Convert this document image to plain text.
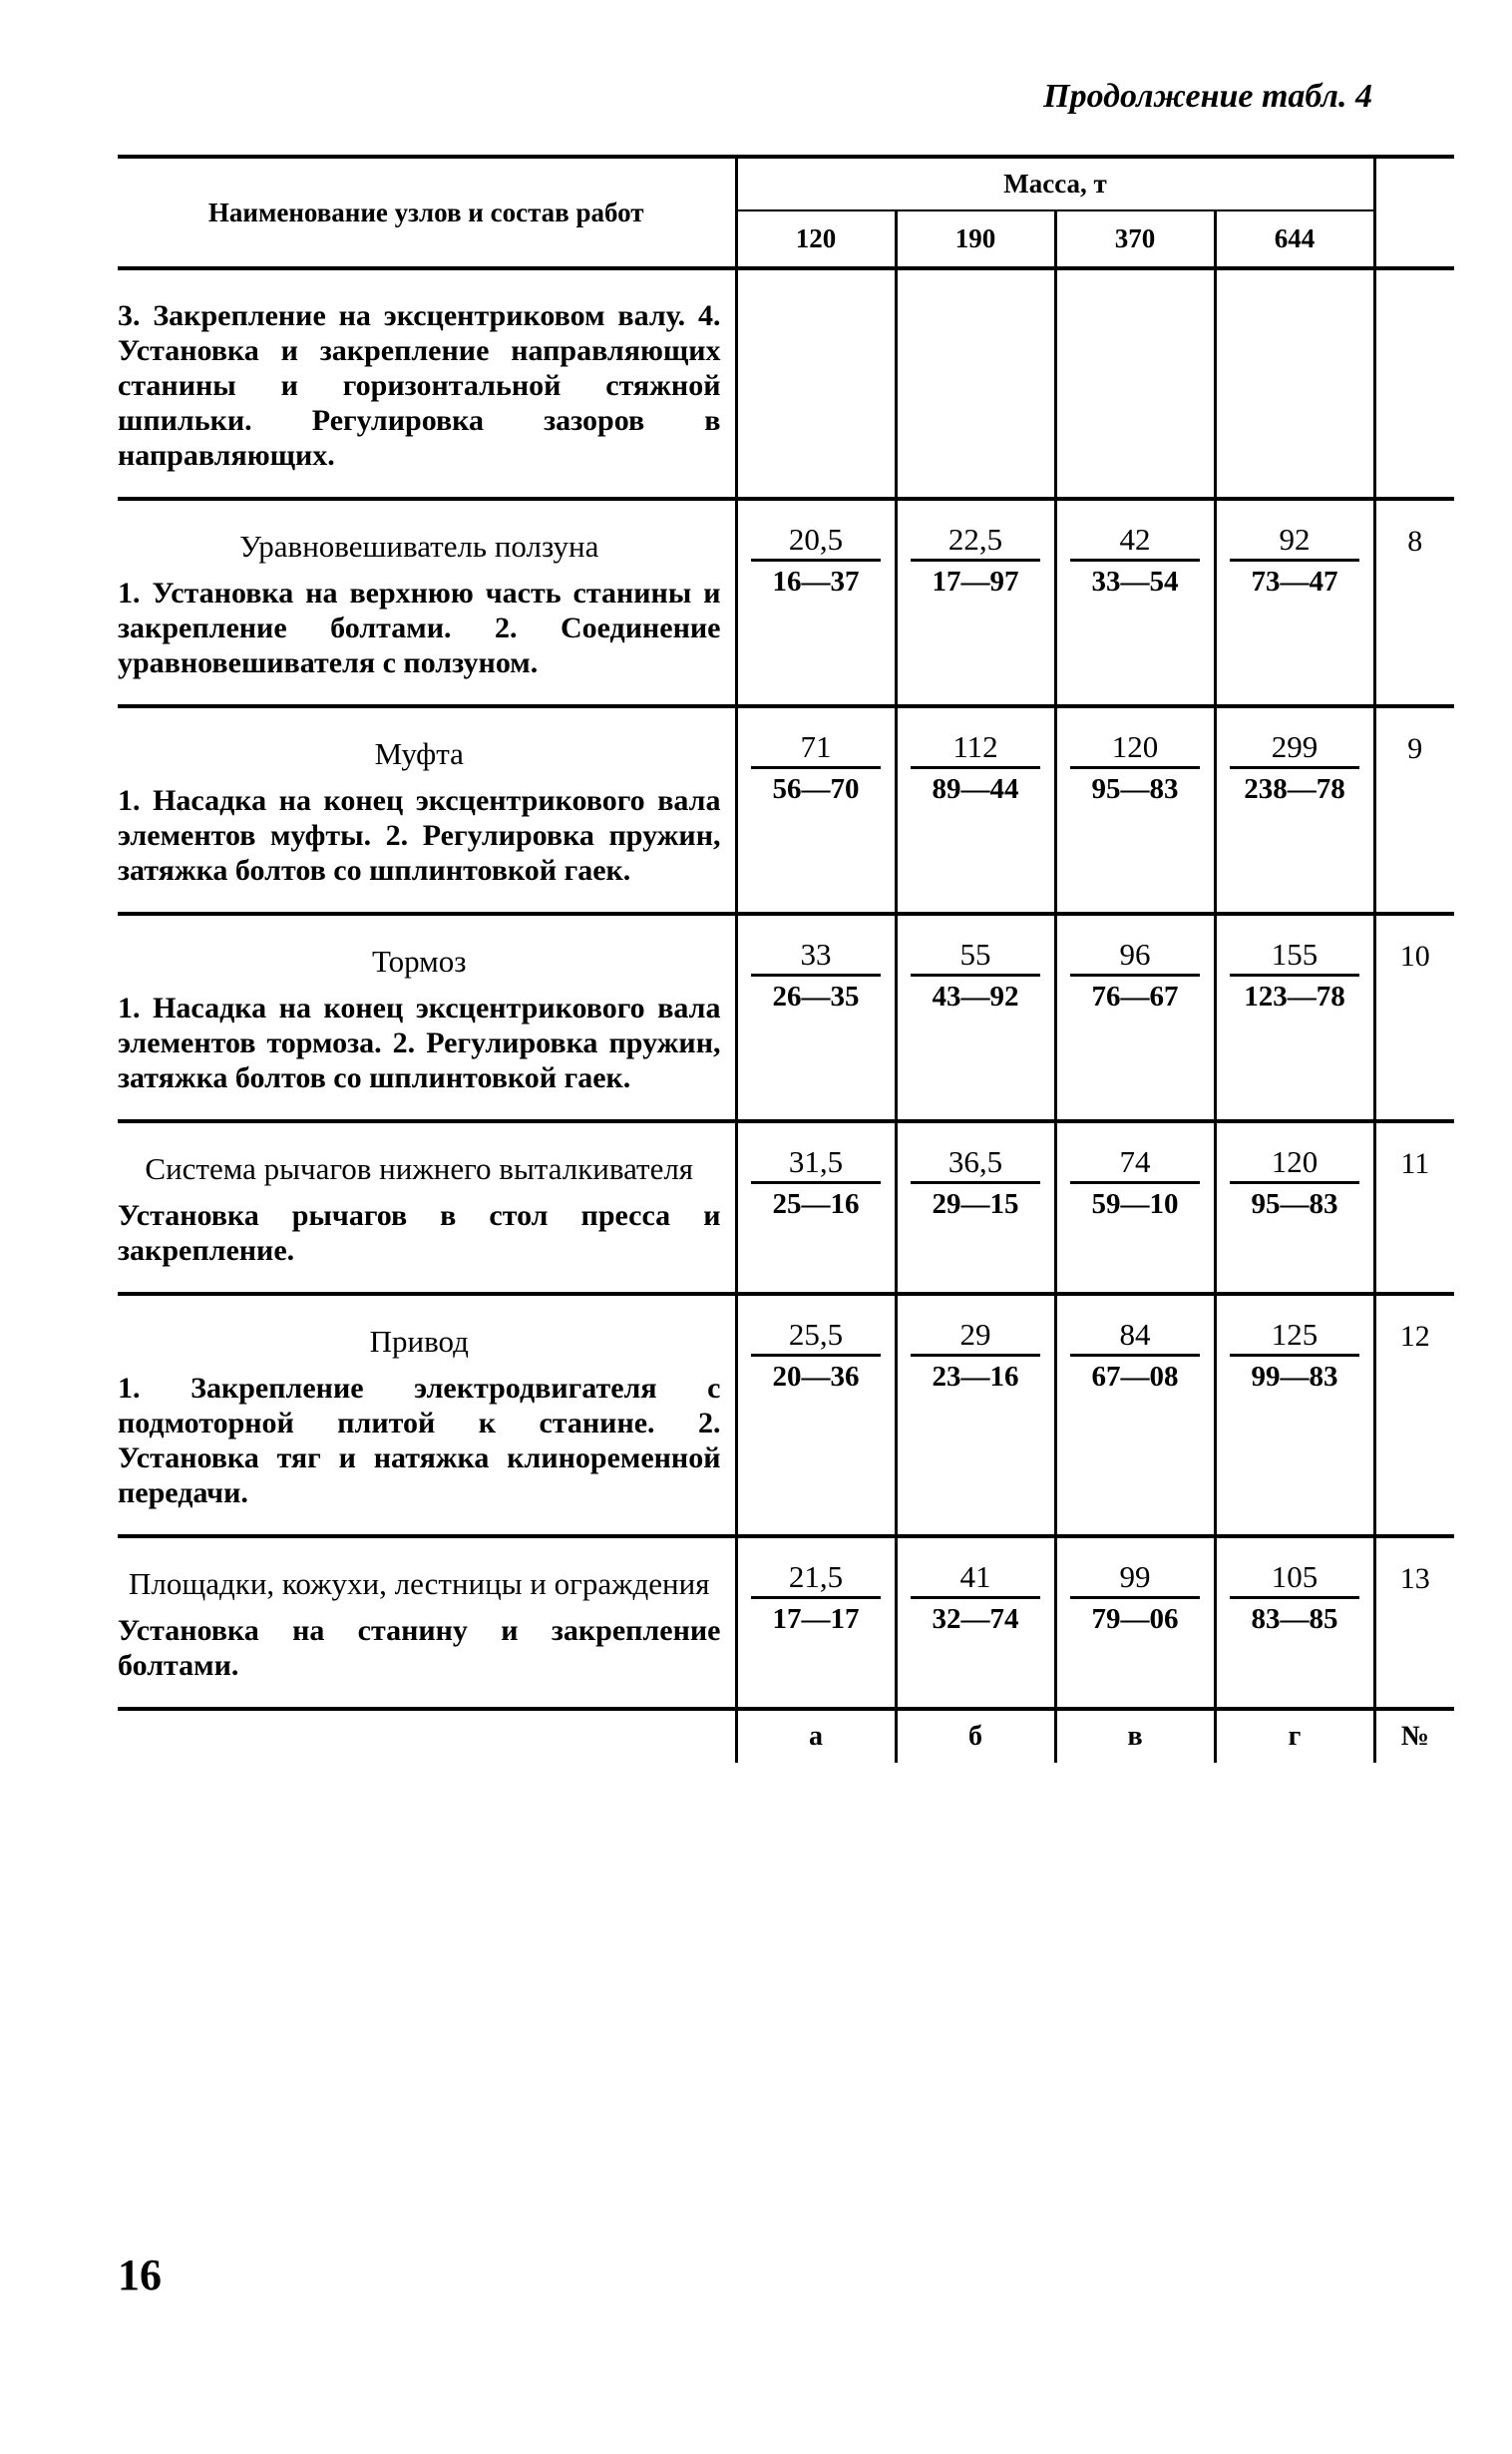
Продолжение табл. 4
Наименование узлов и состав работ	Масса, т				
	120	190	370	644	

3. Закрепление на эксцентриковом валу. 4. Установка и закрепление направляющих станины и горизонтальной стяжной шпильки. Регулировка зазоров в направляющих.					

Уравновешиватель ползуна
1. Установка на верхнюю часть станины и закрепление болтами. 2. Соединение уравновешивателя с ползуном.	$\frac{20,5}{16—37}$	$\frac{22,5}{17—97}$	$\frac{42}{33—54}$	$\frac{92}{73—47}$	8

Муфта
1. Насадка на конец эксцентрикового вала элементов муфты. 2. Регулировка пружин, затяжка болтов со шплинтовкой гаек.	$\frac{71}{56—70}$	$\frac{112}{89—44}$	$\frac{120}{95—83}$	$\frac{299}{238—78}$	9

Тормоз
1. Насадка на конец эксцентрикового вала элементов тормоза. 2. Регулировка пружин, затяжка болтов со шплинтовкой гаек.	$\frac{33}{26—35}$	$\frac{55}{43—92}$	$\frac{96}{76—67}$	$\frac{155}{123—78}$	10

Система рычагов нижнего выталкивателя
Установка рычагов в стол пресса и закрепление.	$\frac{31,5}{25—16}$	$\frac{36,5}{29—15}$	$\frac{74}{59—10}$	$\frac{120}{95—83}$	11

Привод
1. Закрепление электродвигателя с подмоторной плитой к станине. 2. Установка тяг и натяжка клиноременной передачи.	$\frac{25,5}{20—36}$	$\frac{29}{23—16}$	$\frac{84}{67—08}$	$\frac{125}{99—83}$	12

Площадки, кожухи, лестницы и ограждения
Установка на станину и закрепление болтами.	$\frac{21,5}{17—17}$	$\frac{41}{32—74}$	$\frac{99}{79—06}$	$\frac{105}{83—85}$	13
	а	б	в	г	№
16
